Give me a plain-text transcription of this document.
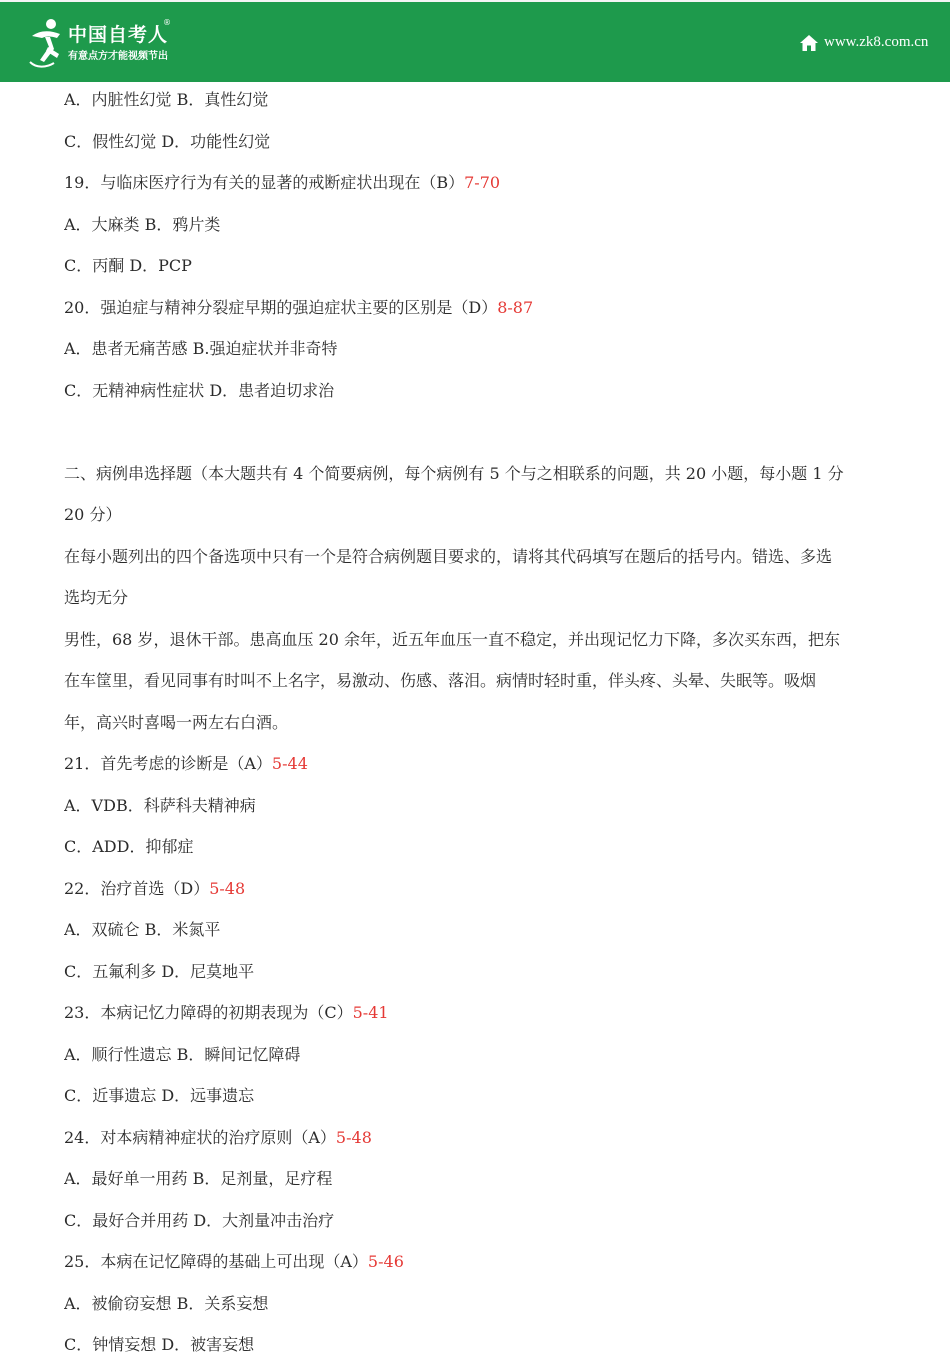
中国自考人
®
有意点方才能视频节出
www.zk8.com.cn
A．内脏性幻觉 B．真性幻觉
C．假性幻觉 D．功能性幻觉
19．与临床医疗行为有关的显著的戒断症状出现在（B）7-70
A．大麻类 B．鸦片类
C．丙酮 D．PCP
20．强迫症与精神分裂症早期的强迫症状主要的区别是（D）8-87
A．患者无痛苦感 B.强迫症状并非奇特
C．无精神病性症状 D．患者迫切求治
二、病例串选择题（本大题共有 4 个简要病例，每个病例有 5 个与之相联系的问题，共 20 小题，每小题 1 分
20 分）
在每小题列出的四个备选项中只有一个是符合病例题目要求的，请将其代码填写在题后的括号内。错选、多选
选均无分
男性，68 岁，退休干部。患高血压 20 余年，近五年血压一直不稳定，并出现记忆力下降，多次买东西，把东
在车筐里，看见同事有时叫不上名字，易激动、伤感、落泪。病情时轻时重，伴头疼、头晕、失眠等。吸烟
年，高兴时喜喝一两左右白酒。
21．首先考虑的诊断是（A）5-44
A．VDB．科萨科夫精神病
C．ADD．抑郁症
22．治疗首选（D）5-48
A．双硫仑 B．米氮平
C．五氟利多 D．尼莫地平
23．本病记忆力障碍的初期表现为（C）5-41
A．顺行性遗忘 B．瞬间记忆障碍
C．近事遗忘 D．远事遗忘
24．对本病精神症状的治疗原则（A）5-48
A．最好单一用药 B．足剂量，足疗程
C．最好合并用药 D．大剂量冲击治疗
25．本病在记忆障碍的基础上可出现（A）5-46
A．被偷窃妄想 B．关系妄想
C．钟情妄想 D．被害妄想
